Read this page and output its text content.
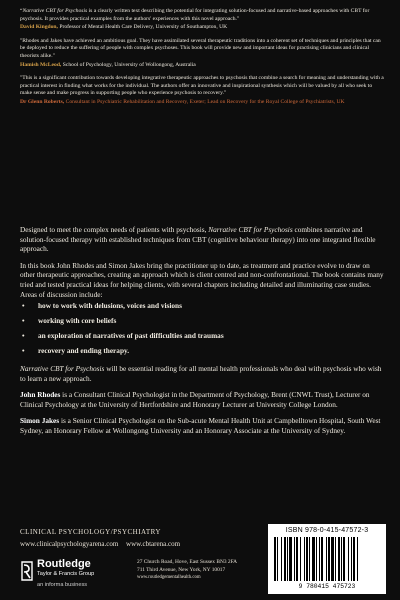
“Narrative CBT for Psychosis is a clearly written text describing the potential for integrating solution-focused and narrative-based approaches with CBT for psychosis. It provides practical examples from the authors' experiences with this novel approach."

David Kingdon, Professor of Mental Health Care Delivery, University of Southampton, UK

"Rhodes and Jakes have achieved an ambitious goal. They have assimilated several therapeutic traditions into a coherent set of techniques and principles that can be deployed to reduce the suffering of people with complex psychoses. This book will provide new and important ideas for practising clinicians and clinical theorists alike."

Hamish McLeod, School of Psychology, University of Wollongong, Australia

"This is a significant contribution towards developing integrative therapeutic approaches to psychosis that combine a search for meaning and understanding with a practical interest in finding what works for the individual. The authors offer an innovative and inspirational synthesis which will be valued by all who seek to make sense and make progress in supporting people who experience psychosis to recovery."

Dr Glenn Roberts, Consultant in Psychiatric Rehabilitation and Recovery, Exeter; Lead on Recovery for the Royal College of Psychiatrists, UK

Designed to meet the complex needs of patients with psychosis, Narrative CBT for Psychosis combines narrative and solution-focused therapy with established techniques from CBT (cognitive behaviour therapy) into one integrated flexible approach.

In this book John Rhodes and Simon Jakes bring the practitioner up to date, as treatment and practice evolve to draw on other therapeutic approaches, creating an approach which is client centred and non-confrontational. The book contains many tried and tested practical ideas for helping clients, with several chapters including detailed and illuminating case studies.
Areas of discussion include:

• how to work with delusions, voices and visions
• working with core beliefs
• an exploration of narratives of past difficulties and traumas
• recovery and ending therapy.

Narrative CBT for Psychosis will be essential reading for all mental health professionals who deal with psychosis who wish to learn a new approach.

John Rhodes is a Consultant Clinical Psychologist in the Department of Psychology, Brent (CNWL Trust), Lecturer on Clinical Psychology at the University of Hertfordshire and Honorary Lecturer at University College London.

Simon Jakes is a Senior Clinical Psychologist on the Sub-acute Mental Health Unit at Campbelltown Hospital, South West Sydney, an Honorary Fellow at Wollongong University and an Honorary Associate at the University of Sydney.

CLINICAL PSYCHOLOGY/PSYCHIATRY
www.clinicalpsychologyarena.com www.cbtarena.com
Routledge
Taylor & Francis Group
an informa business
27 Church Road, Hove, East Sussex BN3 2FA
711 Third Avenue, New York, NY 10017
www.routledgementalhealth.com
ISBN 978-0-415-47572-3
9 780415 475723
